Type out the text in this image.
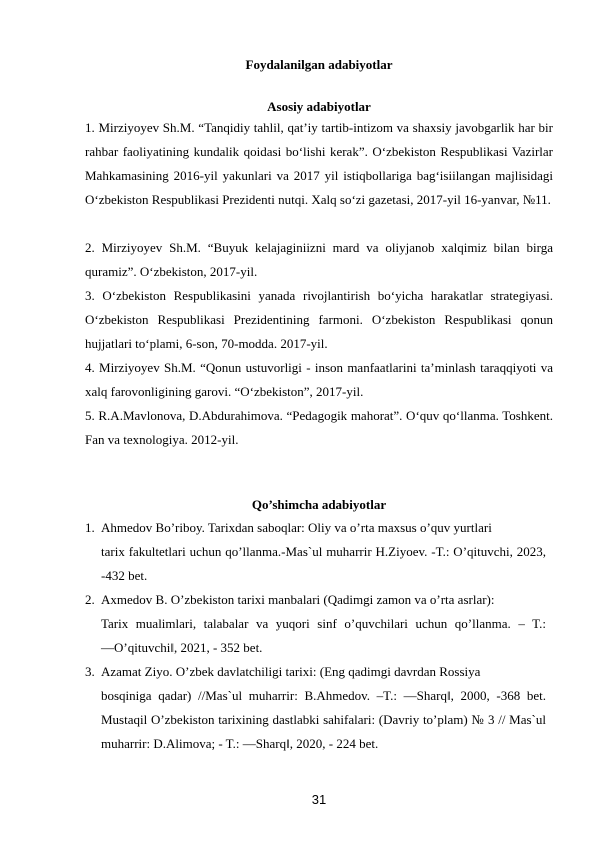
Foydalanilgan adabiyotlar
Asosiy adabiyotlar

1. Mirziyoyev Sh.M. “Tanqidiy tahlil, qat’iy tartib-intizom va shaxsiy javobgarlik har bir rahbar faoliyatining kundalik qoidasi bo‘lishi kerak”. O‘zbekiston Respublikasi Vazirlar Mahkamasining 2016-yil yakunlari va 2017 yil istiqbollariga bag‘isiilangan majlisidagi O‘zbekiston Respublikasi Prezidenti nutqi. Xalq so‘zi gazetasi, 2017-yil 16-yanvar, №11.

2. Mirziyoyev Sh.M. “Buyuk kelajaginiizni mard va oliyjanob xalqimiz bilan birga quramiz”. O‘zbekiston, 2017-yil.

3. O‘zbekiston Respublikasini yanada rivojlantirish bo‘yicha harakatlar strategiyasi. O‘zbekiston Respublikasi Prezidentining farmoni. O‘zbekiston Respublikasi qonun hujjatlari to‘plami, 6-son, 70-modda. 2017-yil.

4. Mirziyoyev Sh.M. “Qonun ustuvorligi - inson manfaatlarini ta’minlash taraqqiyoti va xalq farovonligining garovi. “O‘zbekiston”, 2017-yil.

5. R.A.Mavlonova, D.Abdurahimova. “Pedagogik mahorat”. O‘quv qo‘llanma. Toshkent. Fan va texnologiya. 2012-yil.

Qo’shimcha adabiyotlar
1. Ahmedov Bo’riboy. Tarixdan saboqlar: Oliy va o’rta maxsus o’quv yurtlari
tarix fakultetlari uchun qo’llanma.-Mas`ul muharrir H.Ziyoev. -T.: O’qituvchi, 2023, -432 bet.
2. Axmedov B. O’zbekiston tarixi manbalari (Qadimgi zamon va o’rta asrlar):
Tarix mualimlari, talabalar va yuqori sinf o’quvchilari uchun qo’llanma. – T.: ―O’qituvchi‖, 2021, - 352 bet.
3. Azamat Ziyo. O’zbek davlatchiligi tarixi: (Eng qadimgi davrdan Rossiya
bosqiniga qadar) //Mas`ul muharrir: B.Ahmedov. –T.: ―Sharq‖, 2000, -368 bet. Mustaqil O’zbekiston tarixining dastlabki sahifalari: (Davriy to’plam) № 3 // Mas`ul muharrir: D.Alimova; - T.: ―Sharq‖, 2020, - 224 bet.
31
